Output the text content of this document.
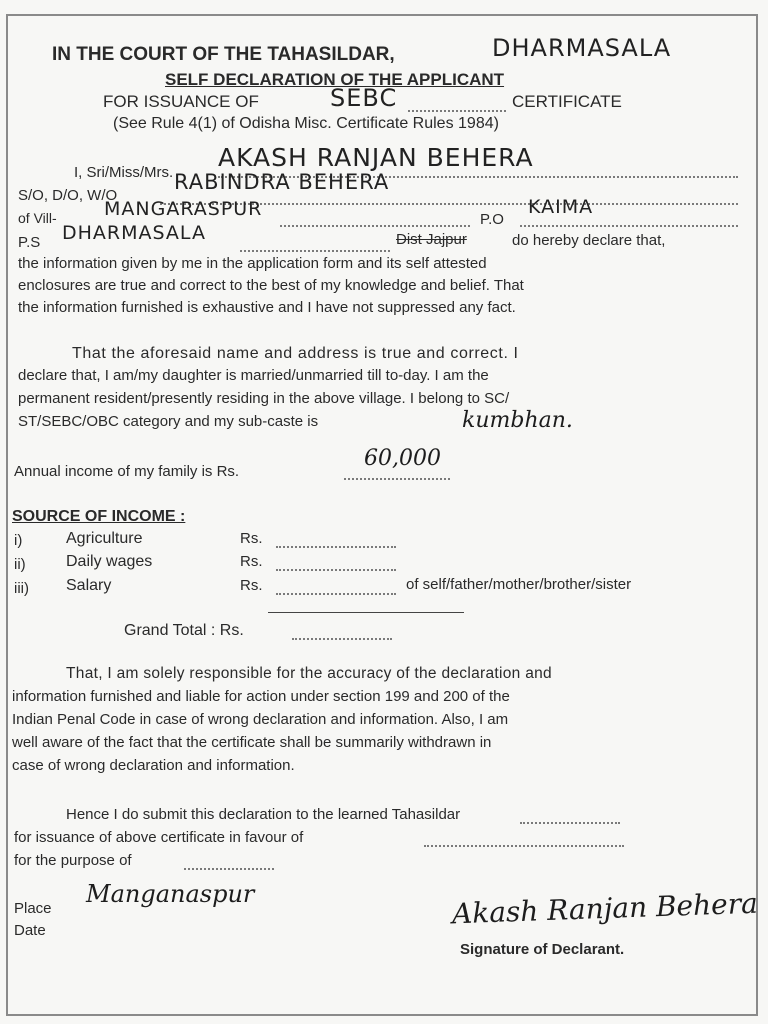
IN THE COURT OF THE TAHASILDAR,	DHARMASALA
SELF DECLARATION OF THE APPLICANT
FOR ISSUANCE OF	SEBC	CERTIFICATE
(See Rule 4(1) of Odisha Misc. Certificate Rules 1984)
I, Sri/Miss/Mrs.
AKASH RANJAN BEHERA
S/O, D/O, W/O
RABINDRA BEHERA
of Vill- MANGARASPUR	P.O
KAIMA
P.S DHARMASALA	Dist Jajpur	do hereby declare that,
the information given by me in the application form and its self attested
enclosures are true and correct to the best of my knowledge and belief. That
the information furnished is exhaustive and I have not suppressed any fact.
That the aforesaid name and address is true and correct. I
declare that, I am/my daughter is married/unmarried till to-day. I am the
permanent resident/presently residing in the above village. I belong to SC/
ST/SEBC/OBC category and my sub-caste is	kumbhan.
Annual income of my family is Rs.
60,000
SOURCE OF INCOME :
i)	Agriculture	Rs.
ii)	Daily wages	Rs.
iii) Salary	Rs.	of self/father/mother/brother/sister
Grand Total : Rs.
That, I am solely responsible for the accuracy of the declaration and
information furnished and liable for action under section 199 and 200 of the
Indian Penal Code in case of wrong declaration and information. Also, I am
well aware of the fact that the certificate shall be summarily withdrawn in
case of wrong declaration and information.
Hence I do submit this declaration to the learned Tahasildar
for issuance of above certificate in favour of
for the purpose of
Place
Manganaspur
Date
Akash Ranjan Behera
Signature of Declarant.
